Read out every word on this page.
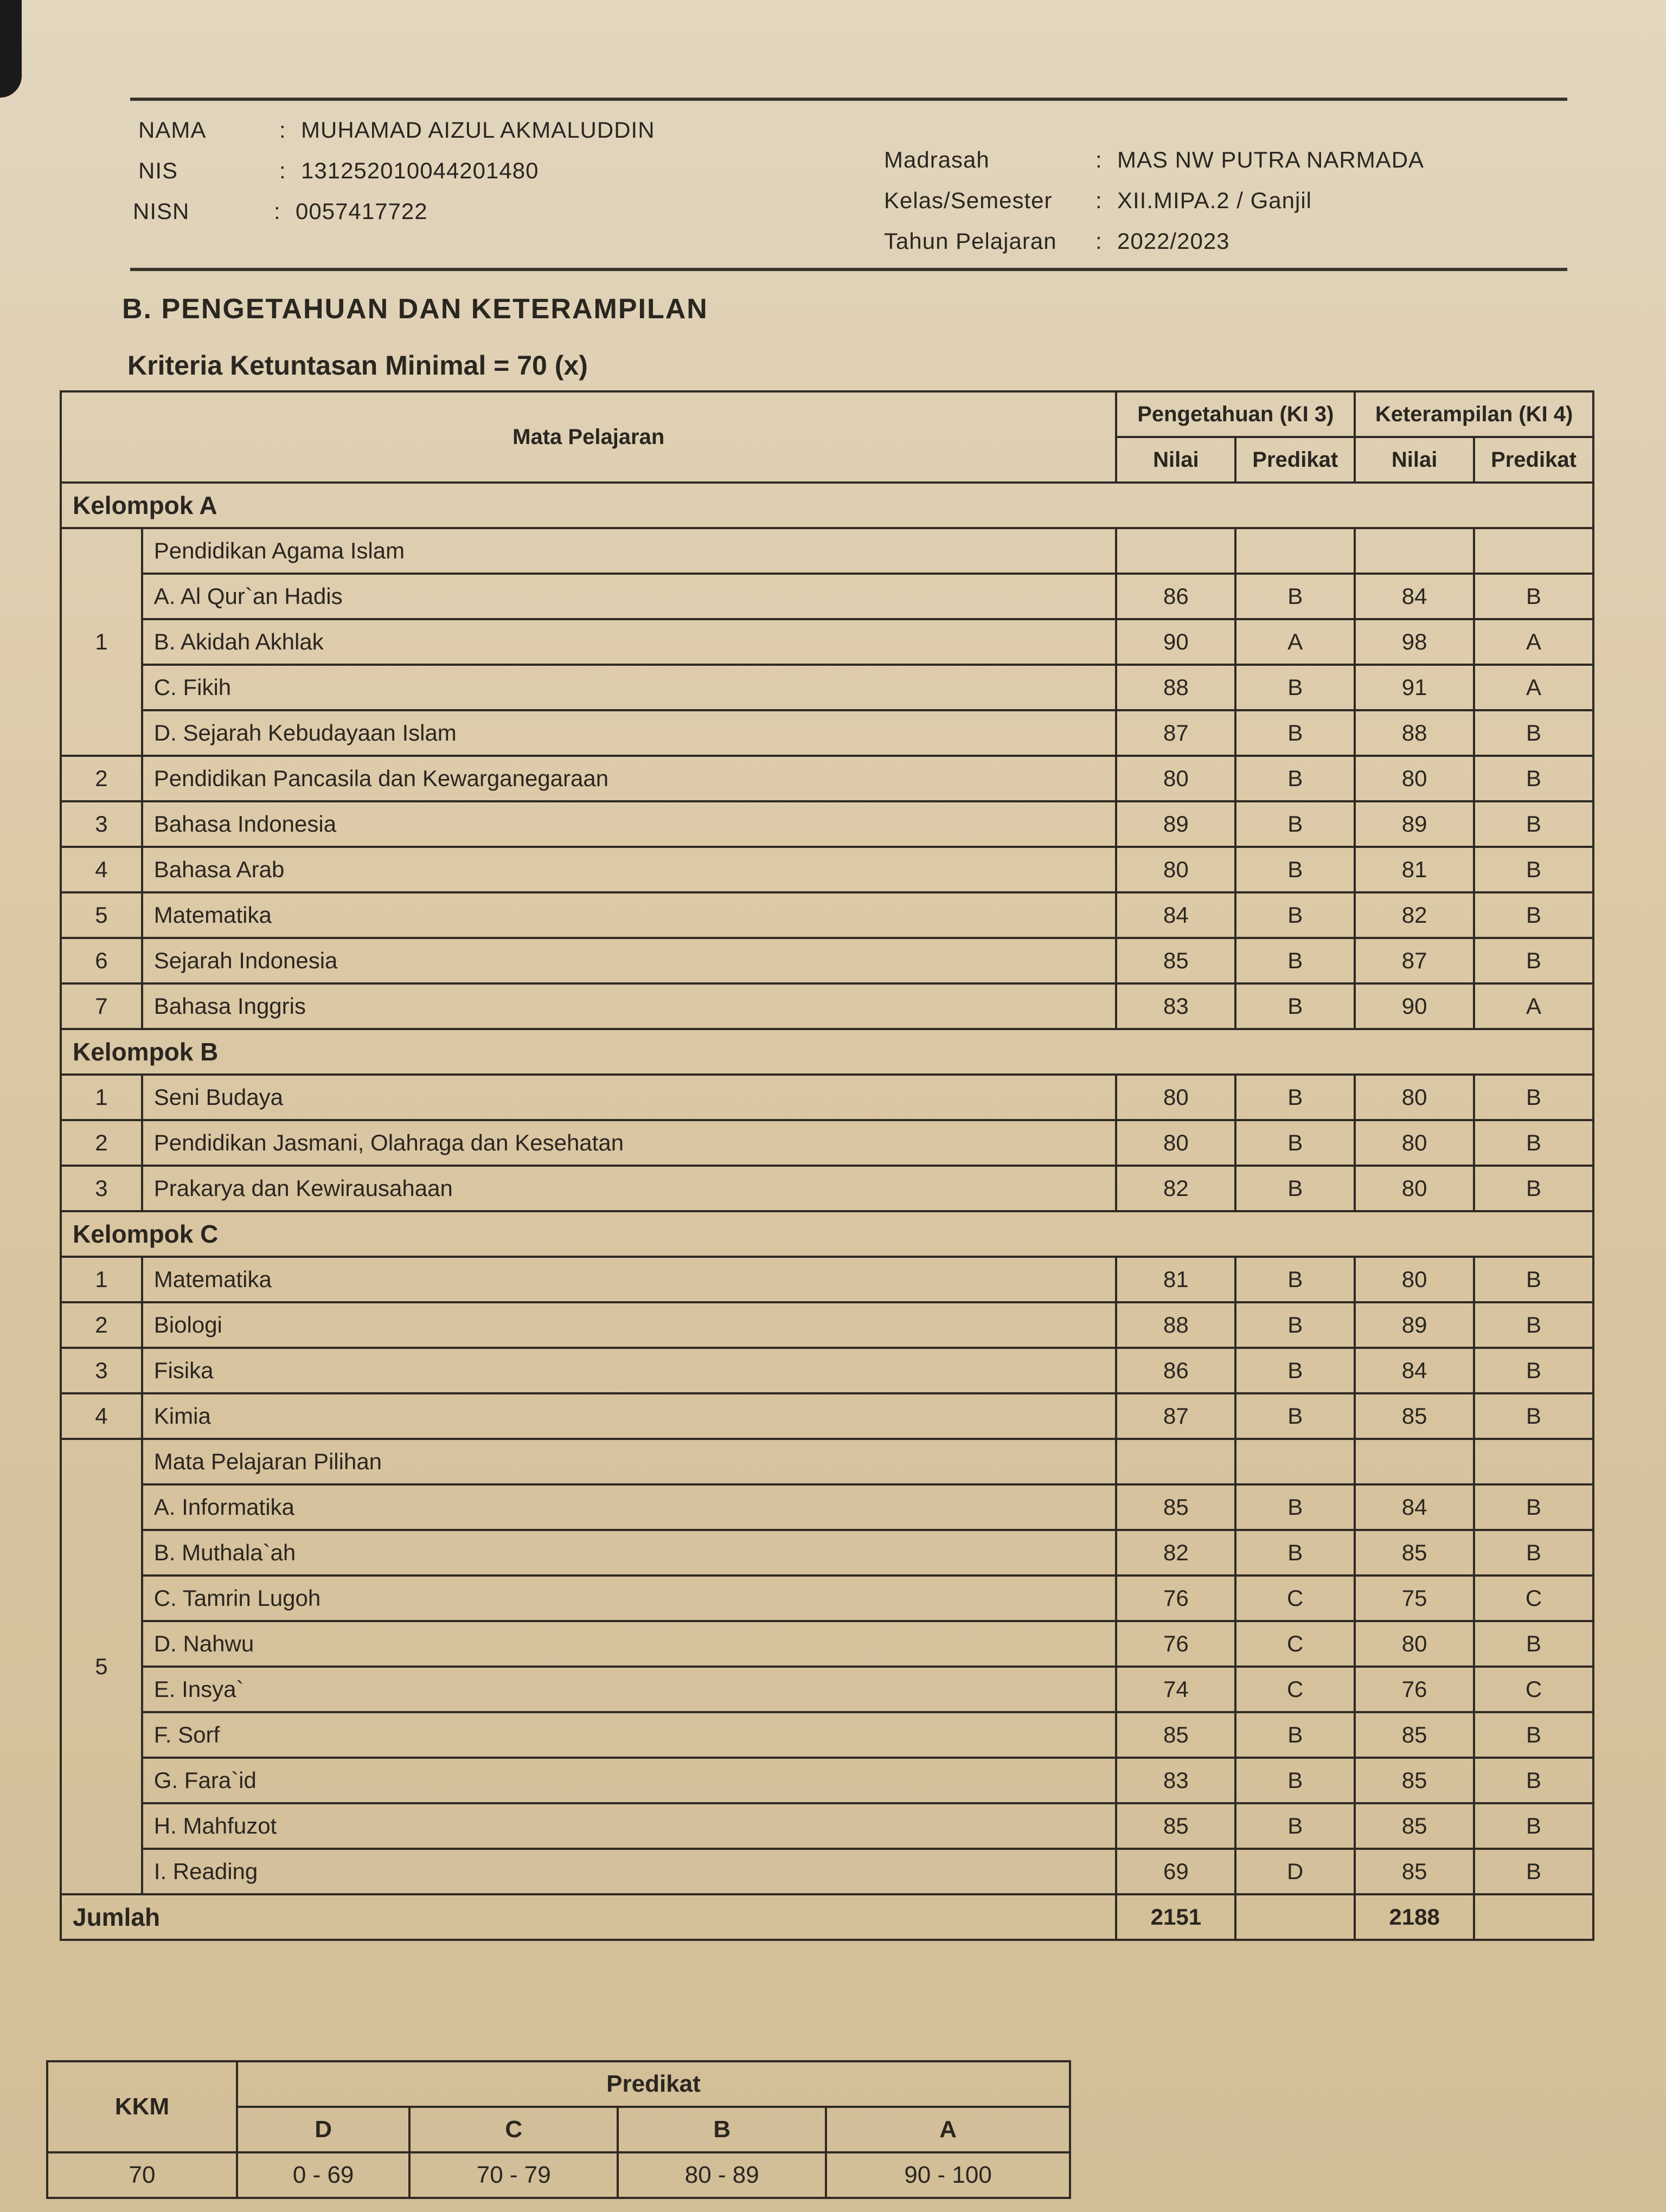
NAMA	: MUHAMAD AIZUL AKMALUDDIN
NIS	: 131252010044201480
NISN	: 0057417722
Madrasah	: MAS NW PUTRA NARMADA
Kelas/Semester	: XII.MIPA.2 / Ganjil
Tahun Pelajaran	: 2022/2023
B. PENGETAHUAN DAN KETERAMPILAN
Kriteria Ketuntasan Minimal = 70 (x)
Mata Pelajaran		Pengetahuan (KI 3)		Keterampilan (KI 4)	
		Nilai	Predikat	Nilai	Predikat
Kelompok A					
1	Pendidikan Agama Islam				
	A. Al Qur`an Hadis	86	B	84	B
	B. Akidah Akhlak	90	A	98	A
	C. Fikih	88	B	91	A
	D. Sejarah Kebudayaan Islam	87	B	88	B
2	Pendidikan Pancasila dan Kewarganegaraan	80	B	80	B
3	Bahasa Indonesia	89	B	89	B
4	Bahasa Arab	80	B	81	B
5	Matematika	84	B	82	B
6	Sejarah Indonesia	85	B	87	B
7	Bahasa Inggris	83	B	90	A
Kelompok B					
1	Seni Budaya	80	B	80	B
2	Pendidikan Jasmani, Olahraga dan Kesehatan	80	B	80	B
3	Prakarya dan Kewirausahaan	82	B	80	B
Kelompok C					
1	Matematika	81	B	80	B
2	Biologi	88	B	89	B
3	Fisika	86	B	84	B
4	Kimia	87	B	85	B
5	Mata Pelajaran Pilihan				
	A. Informatika	85	B	84	B
	B. Muthala`ah	82	B	85	B
	C. Tamrin Lugoh	76	C	75	C
	D. Nahwu	76	C	80	B
	E. Insya`	74	C	76	C
	F. Sorf	85	B	85	B
	G. Fara`id	83	B	85	B
	H. Mahfuzot	85	B	85	B
	I. Reading	69	D	85	B
Jumlah		2151		2188	
KKM	Predikat			
	D	C	B	A
70	0 - 69	70 - 79	80 - 89	90 - 100
